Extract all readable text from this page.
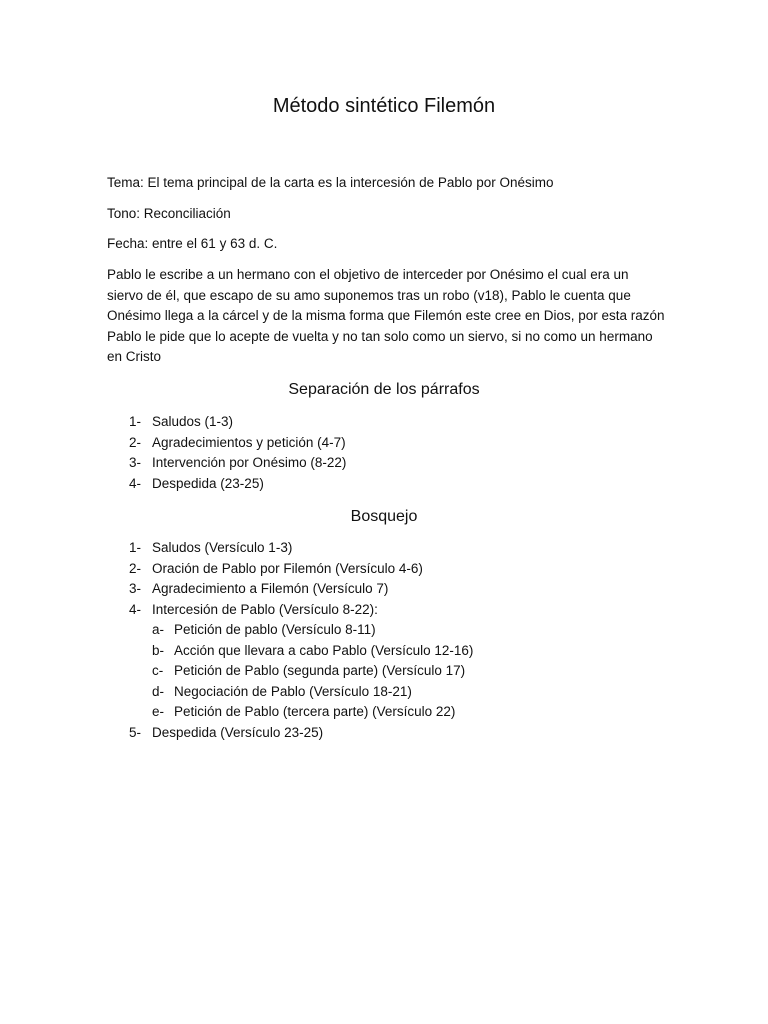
Método sintético Filemón

Tema: El tema principal de la carta es la intercesión de Pablo por Onésimo

Tono: Reconciliación

Fecha: entre el 61 y 63 d. C.

Pablo le escribe a un hermano con el objetivo de interceder por Onésimo el cual era un siervo de él, que escapo de su amo suponemos tras un robo (v18), Pablo le cuenta que Onésimo llega a la cárcel y de la misma forma que Filemón este cree en Dios, por esta razón Pablo le pide que lo acepte de vuelta y no tan solo como un siervo, si no como un hermano en Cristo

Separación de los párrafos
1- Saludos (1-3)
2- Agradecimientos y petición (4-7)
3- Intervención por Onésimo (8-22)
4- Despedida (23-25)
Bosquejo
1- Saludos (Versículo 1-3)
2- Oración de Pablo por Filemón (Versículo 4-6)
3- Agradecimiento a Filemón (Versículo 7)
4- Intercesión de Pablo (Versículo 8-22):
a- Petición de pablo (Versículo 8-11)
b- Acción que llevara a cabo Pablo (Versículo 12-16)
c- Petición de Pablo (segunda parte) (Versículo 17)
d- Negociación de Pablo (Versículo 18-21)
e- Petición de Pablo (tercera parte) (Versículo 22)
5- Despedida (Versículo 23-25)
